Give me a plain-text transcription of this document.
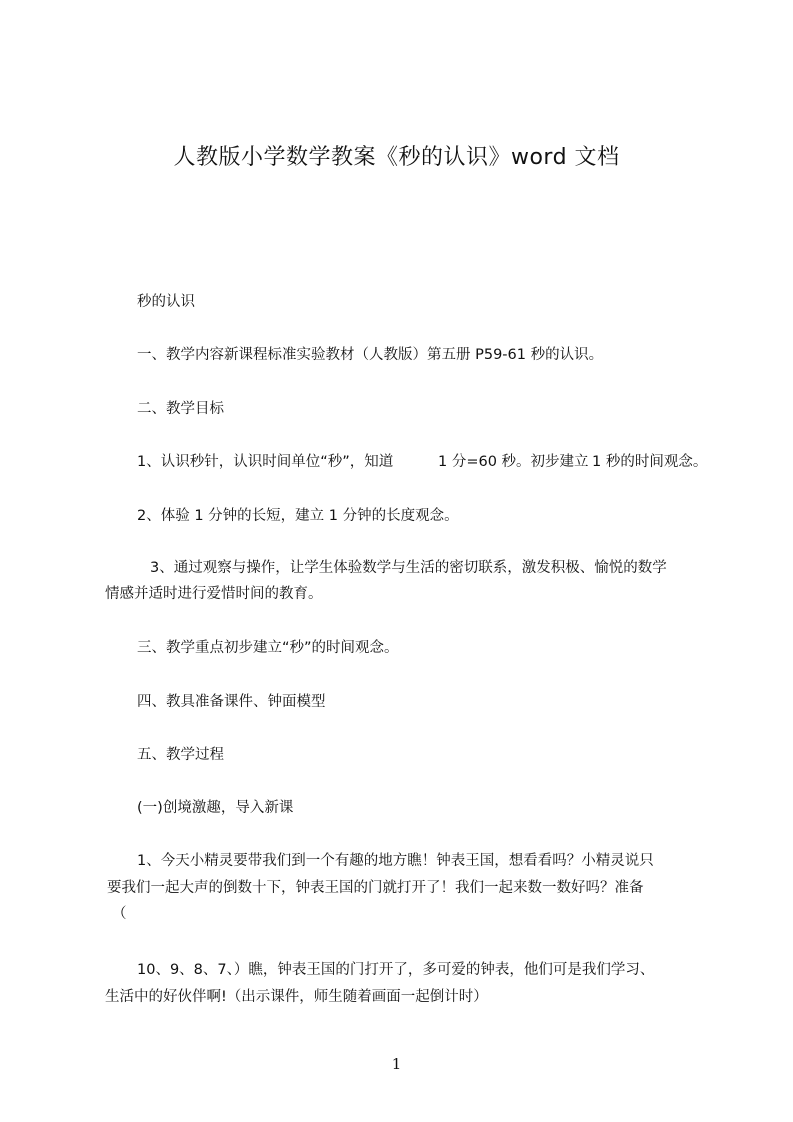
人教版小学数学教案《秒的认识》word 文档
秒的认识
一、教学内容新课程标准实验教材（人教版）第五册 P59-61 秒的认识。
二、教学目标
1、认识秒针，认识时间单位“秒”，知道	1 分=60 秒。初步建立 1 秒的时间观念。
2、体验 1 分钟的长短，建立 1 分钟的长度观念。
3、通过观察与操作，让学生体验数学与生活的密切联系，激发积极、愉悦的数学
情感并适时进行爱惜时间的教育。
三、教学重点初步建立“秒”的时间观念。
四、教具准备课件、钟面模型
五、教学过程
(一)创境激趣，导入新课
1、今天小精灵要带我们到一个有趣的地方瞧！钟表王国，想看看吗？小精灵说只
要我们一起大声的倒数十下，钟表王国的门就打开了！我们一起来数一数好吗？准备
（
10、9、8、7、）瞧，钟表王国的门打开了，多可爱的钟表，他们可是我们学习、
生活中的好伙伴啊!（出示课件，师生随着画面一起倒计时）
1
